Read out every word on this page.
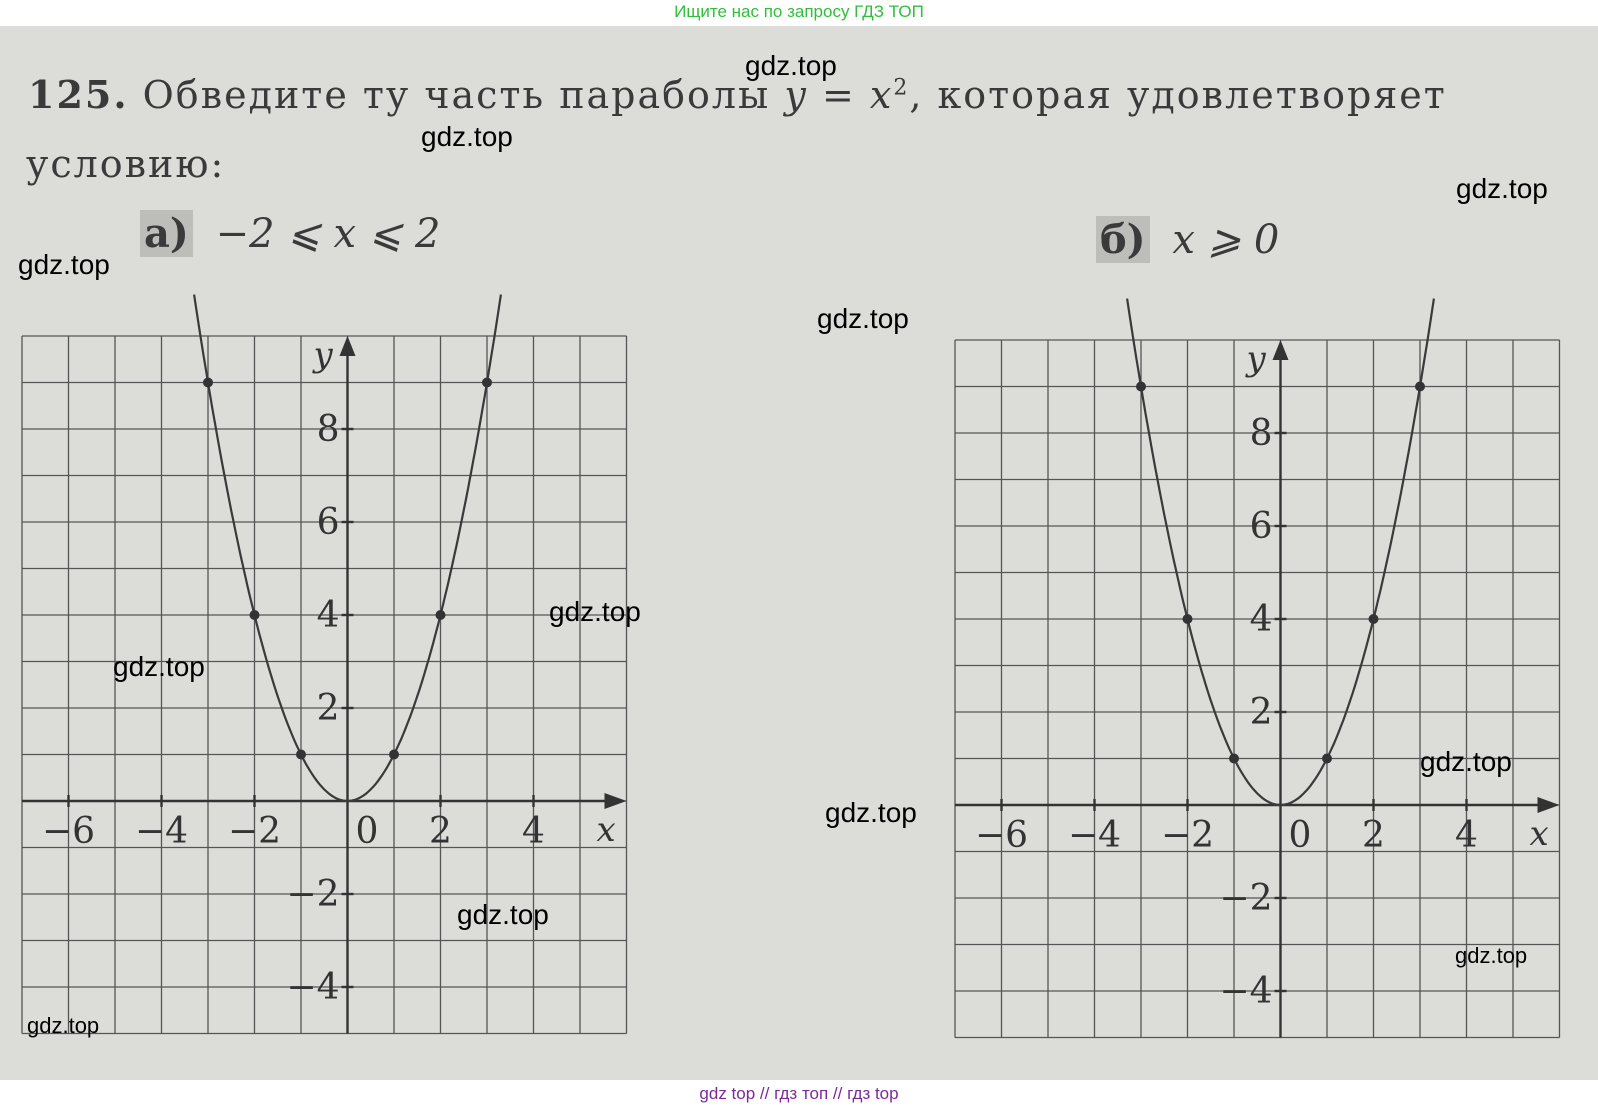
Ищите нас по запросу ГДЗ ТОП
125. Обведите ту часть параболы $y = x^2$, которая удовлетворяет
условию:
а) −2 ⩽ x ⩽ 2	б) x ⩾ 0
x
y
−6 −4 −2 0 2 4
8
6
4
2
−2
−4
x
y
−6 −4 −2 0 2 4
8
6
4
2
−2
−4
gdz.top
gdz.top
gdz.top
gdz.top
gdz.top
gdz.top
gdz.top
gdz.top
gdz.top
gdz.top
gdz.top
gdz.top
gdz top // гдз топ // гдз top
